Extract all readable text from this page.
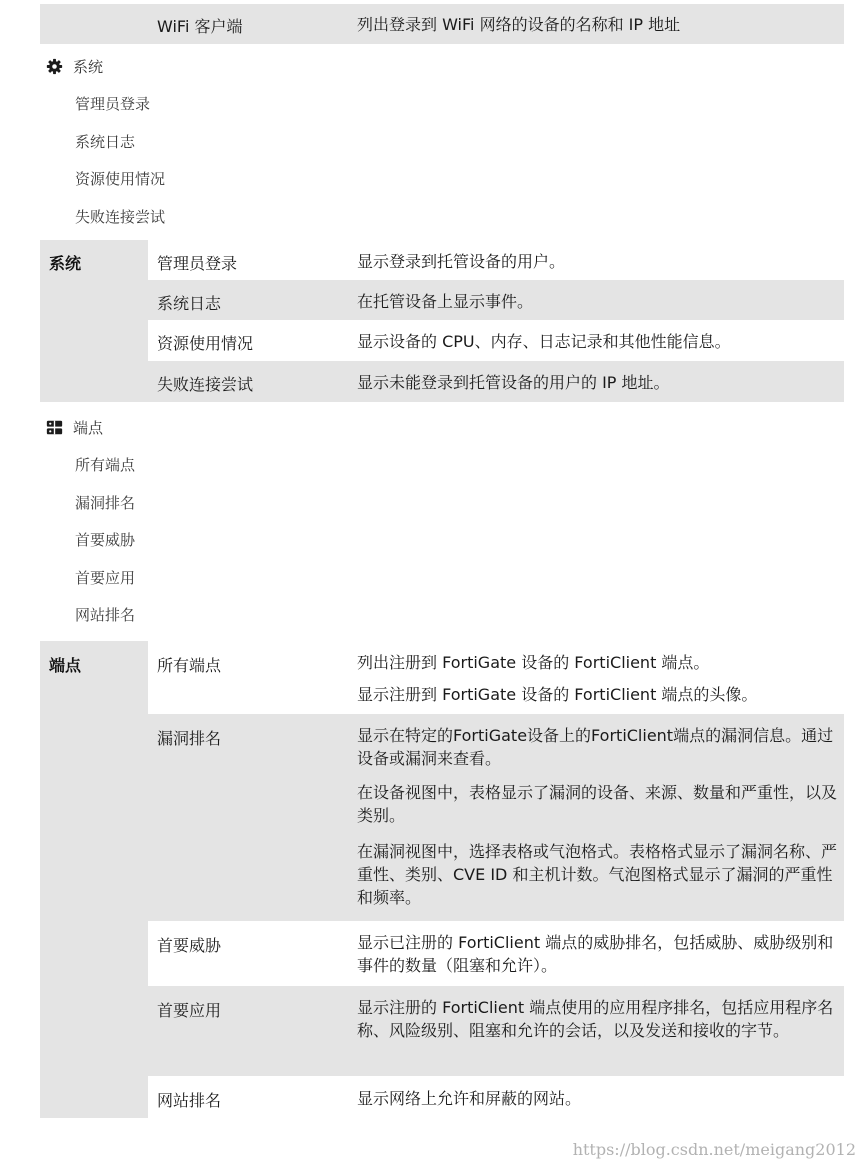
WiFi 客户端	列出登录到 WiFi 网络的设备的名称和 IP 地址
系统
管理员登录
系统日志
资源使用情况
失败连接尝试
系统	管理员登录	显示登录到托管设备的用户。
系统日志	在托管设备上显示事件。
资源使用情况	显示设备的 CPU、内存、日志记录和其他性能信息。
失败连接尝试	显示未能登录到托管设备的用户的 IP 地址。
端点
所有端点
漏洞排名
首要威胁
首要应用
网站排名
端点	所有端点	列出注册到 FortiGate 设备的 FortiClient 端点。
显示注册到 FortiGate 设备的 FortiClient 端点的头像。
漏洞排名	显示在特定的FortiGate设备上的FortiClient端点的漏洞信息。通过设备或漏洞来查看。
在设备视图中，表格显示了漏洞的设备、来源、数量和严重性，以及类别。
在漏洞视图中，选择表格或气泡格式。表格格式显示了漏洞名称、严重性、类别、CVE ID 和主机计数。气泡图格式显示了漏洞的严重性和频率。
首要威胁	显示已注册的 FortiClient 端点的威胁排名，包括威胁、威胁级别和事件的数量（阻塞和允许）。
首要应用	显示注册的 FortiClient 端点使用的应用程序排名，包括应用程序名称、风险级别、阻塞和允许的会话，以及发送和接收的字节。
网站排名	显示网络上允许和屏蔽的网站。
https://blog.csdn.net/meigang2012
